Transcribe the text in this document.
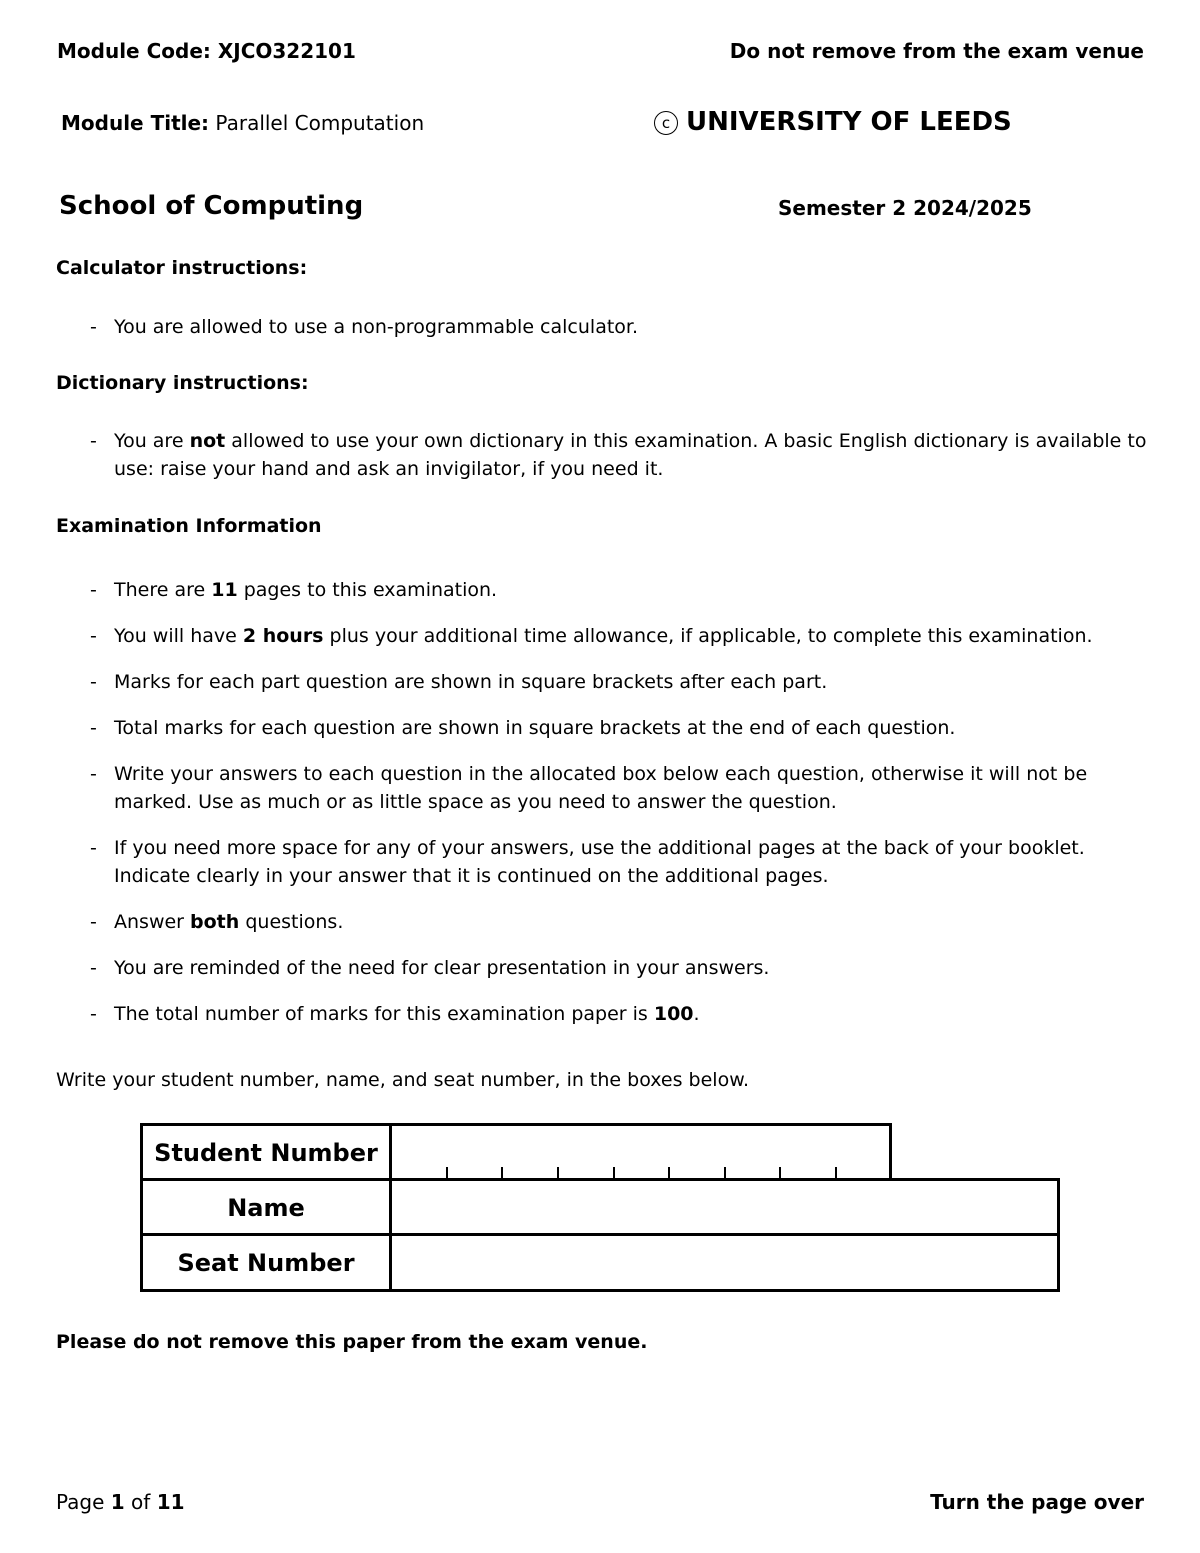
Module Code: XJCO322101	Do not remove from the exam venue
Module Title: Parallel Computation	c UNIVERSITY OF LEEDS
School of Computing	Semester 2 2024/2025
Calculator instructions:
- You are allowed to use a non-programmable calculator.
Dictionary instructions:
- You are not allowed to use your own dictionary in this examination. A basic English dictionary is available to use: raise your hand and ask an invigilator, if you need it.
Examination Information
- There are 11 pages to this examination.
- You will have 2 hours plus your additional time allowance, if applicable, to complete this examination.
- Marks for each part question are shown in square brackets after each part.
- Total marks for each question are shown in square brackets at the end of each question.
- Write your answers to each question in the allocated box below each question, otherwise it will not be marked. Use as much or as little space as you need to answer the question.
- If you need more space for any of your answers, use the additional pages at the back of your booklet. Indicate clearly in your answer that it is continued on the additional pages.
- Answer both questions.
- You are reminded of the need for clear presentation in your answers.
- The total number of marks for this examination paper is 100.
Write your student number, name, and seat number, in the boxes below.
Student Number
Name
Seat Number
Please do not remove this paper from the exam venue.
Page 1 of 11	Turn the page over
